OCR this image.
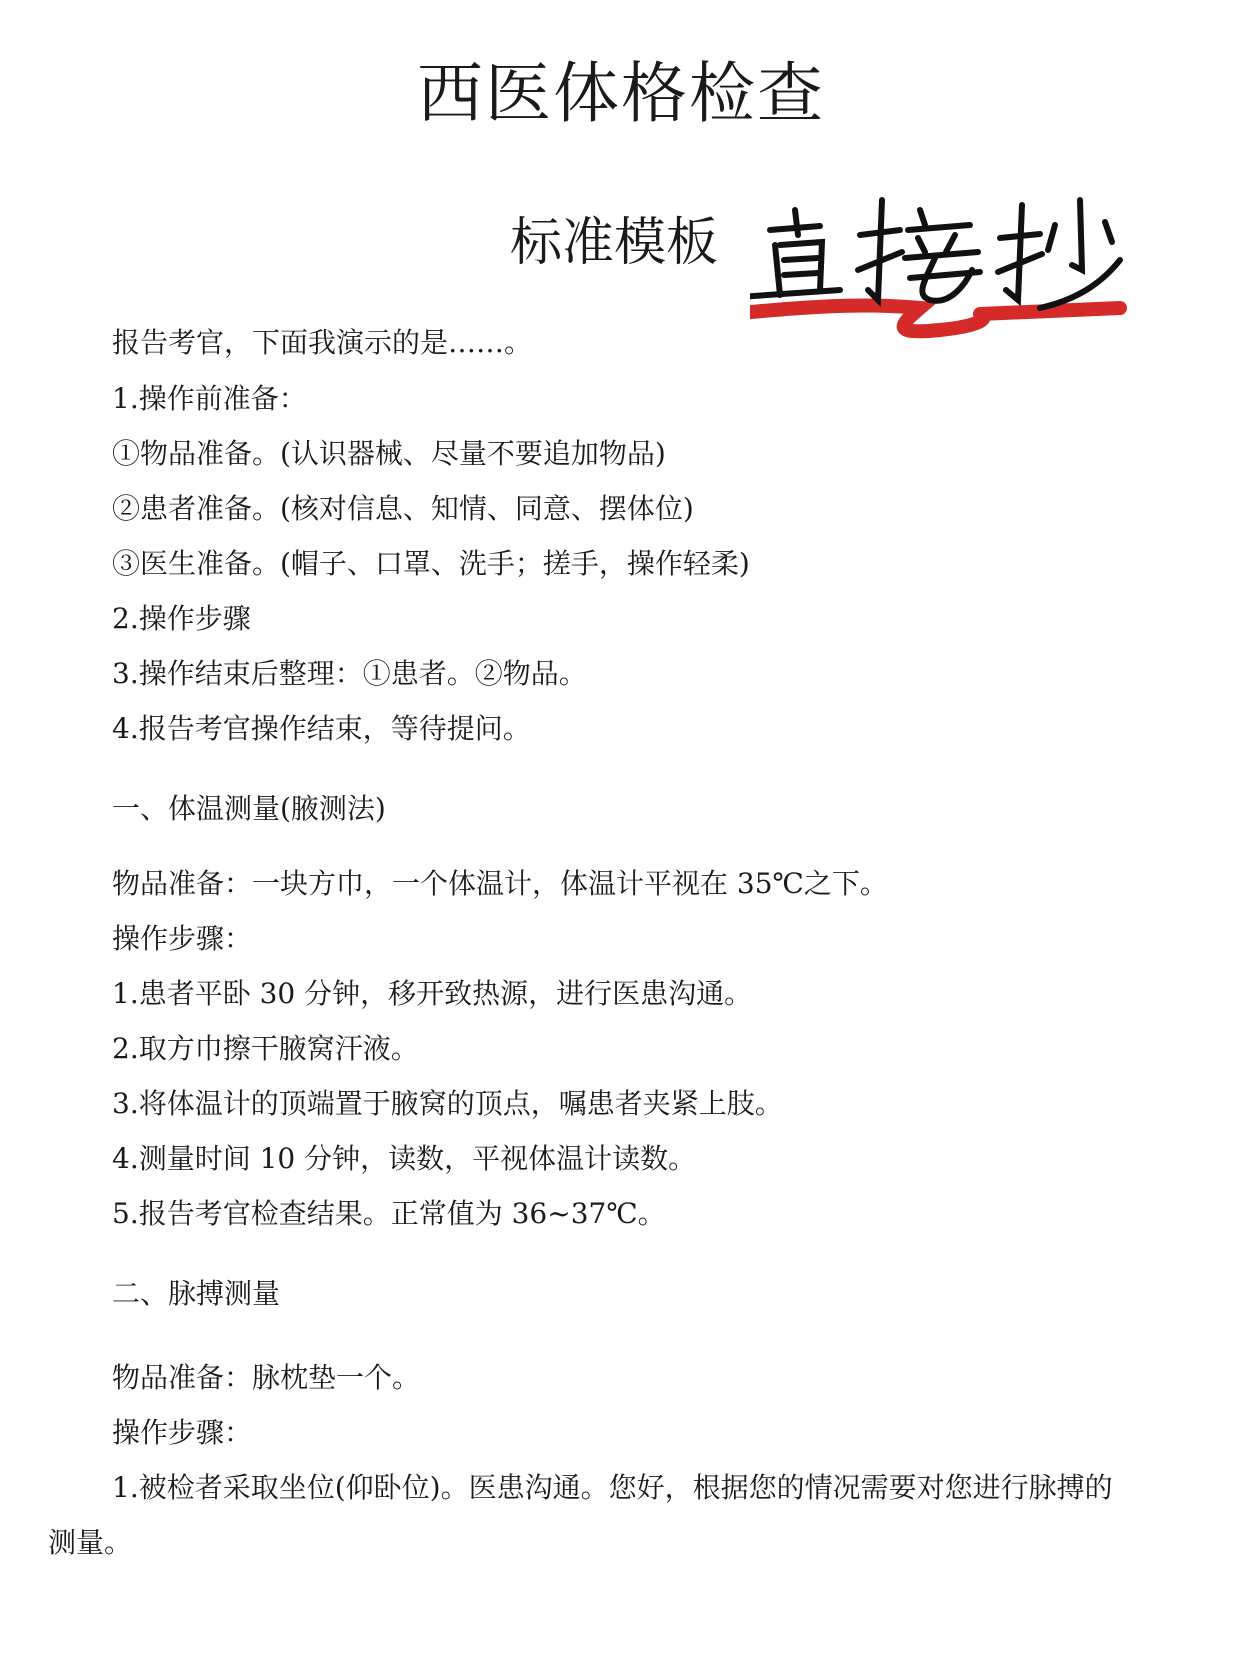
西医体格检查
标准模板
报告考官，下面我演示的是……。
1.操作前准备：
①物品准备。(认识器械、尽量不要追加物品)
②患者准备。(核对信息、知情、同意、摆体位)
③医生准备。(帽子、口罩、洗手；搓手，操作轻柔)
2.操作步骤
3.操作结束后整理：①患者。②物品。
4.报告考官操作结束，等待提问。
一、体温测量(腋测法)
物品准备：一块方巾，一个体温计，体温计平视在 35℃之下。
操作步骤：
1.患者平卧 30 分钟，移开致热源，进行医患沟通。
2.取方巾擦干腋窝汗液。
3.将体温计的顶端置于腋窝的顶点，嘱患者夹紧上肢。
4.测量时间 10 分钟，读数，平视体温计读数。
5.报告考官检查结果。正常值为 36~37℃。
二、脉搏测量
物品准备：脉枕垫一个。
操作步骤：
1.被检者采取坐位(仰卧位)。医患沟通。您好，根据您的情况需要对您进行脉搏的
测量。
